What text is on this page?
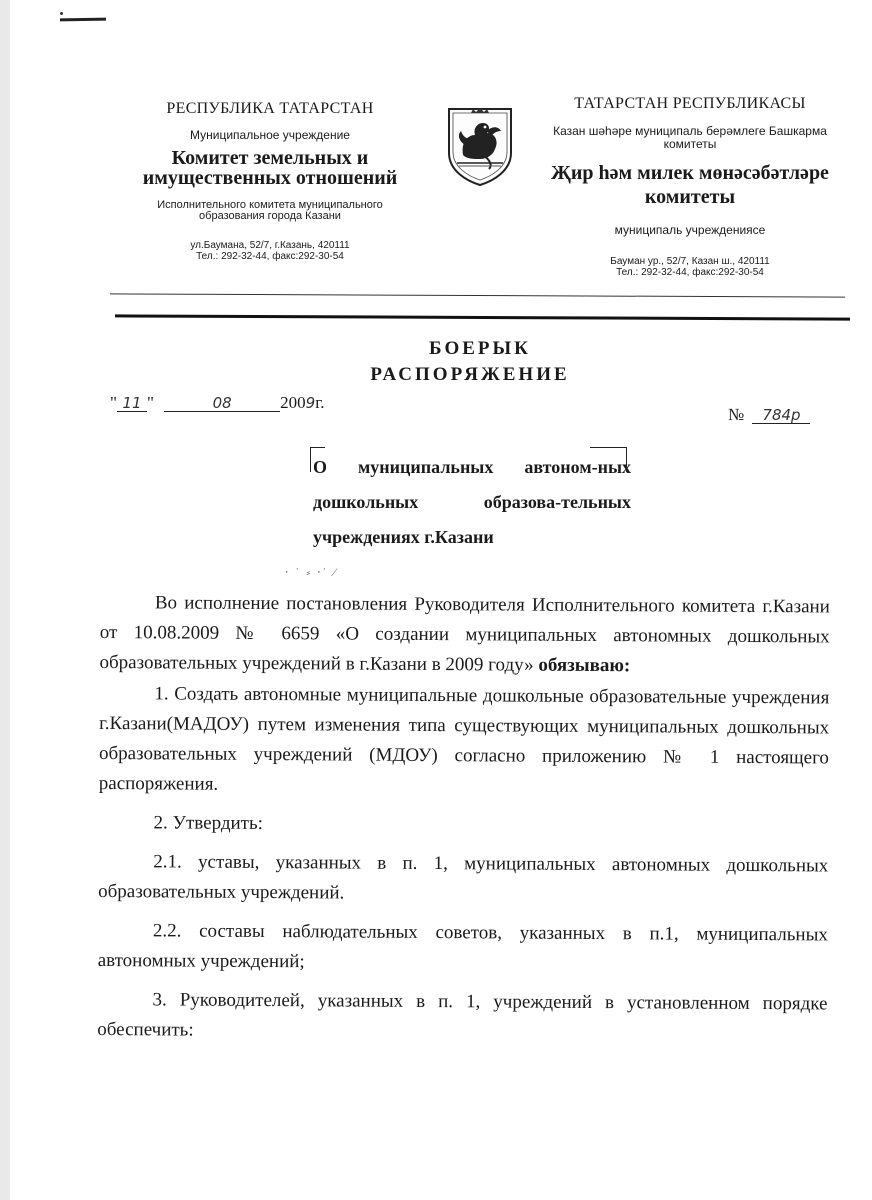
РЕСПУБЛИКА ТАТАРСТАН
Муниципальное учреждение
Комитет земельных и имущественных отношений
Исполнительного комитета муниципального образования города Казани
ул.Баумана, 52/7, г.Казань, 420111
Тел.: 292-32-44, факс:292-30-54
ТАТАРСТАН РЕСПУБЛИКАСЫ
Казан шәһәре муниципаль берәмлеге Башкарма комитеты
Җир һәм милек мөнәсәбәтләре комитеты
муниципаль учреждениясе
Бауман ур., 52/7, Казан ш., 420111
Тел.: 292-32-44, факс:292-30-54
БОЕРЫК
РАСПОРЯЖЕНИЕ
" 11 "	08	2009г.
№ 784р
О муниципальных автоном-ных дошкольных образова-тельных учреждениях г.Казани
⸱ ˙ ⸗ ⸱˙ ⁄

Во исполнение постановления Руководителя Исполнительного комитета г.Казани от 10.08.2009 № 6659 «О создании муниципальных автономных дошкольных образовательных учреждений в г.Казани в 2009 году» обязываю:

1. Создать автономные муниципальные дошкольные образовательные учреждения г.Казани(МАДОУ) путем изменения типа существующих муниципальных дошкольных образовательных учреждений (МДОУ) согласно приложению № 1 настоящего распоряжения.

2. Утвердить:

2.1. уставы, указанных в п. 1, муниципальных автономных дошкольных образовательных учреждений.

2.2. составы наблюдательных советов, указанных в п.1, муниципальных автономных учреждений;

3. Руководителей, указанных в п. 1, учреждений в установленном порядке обеспечить:
